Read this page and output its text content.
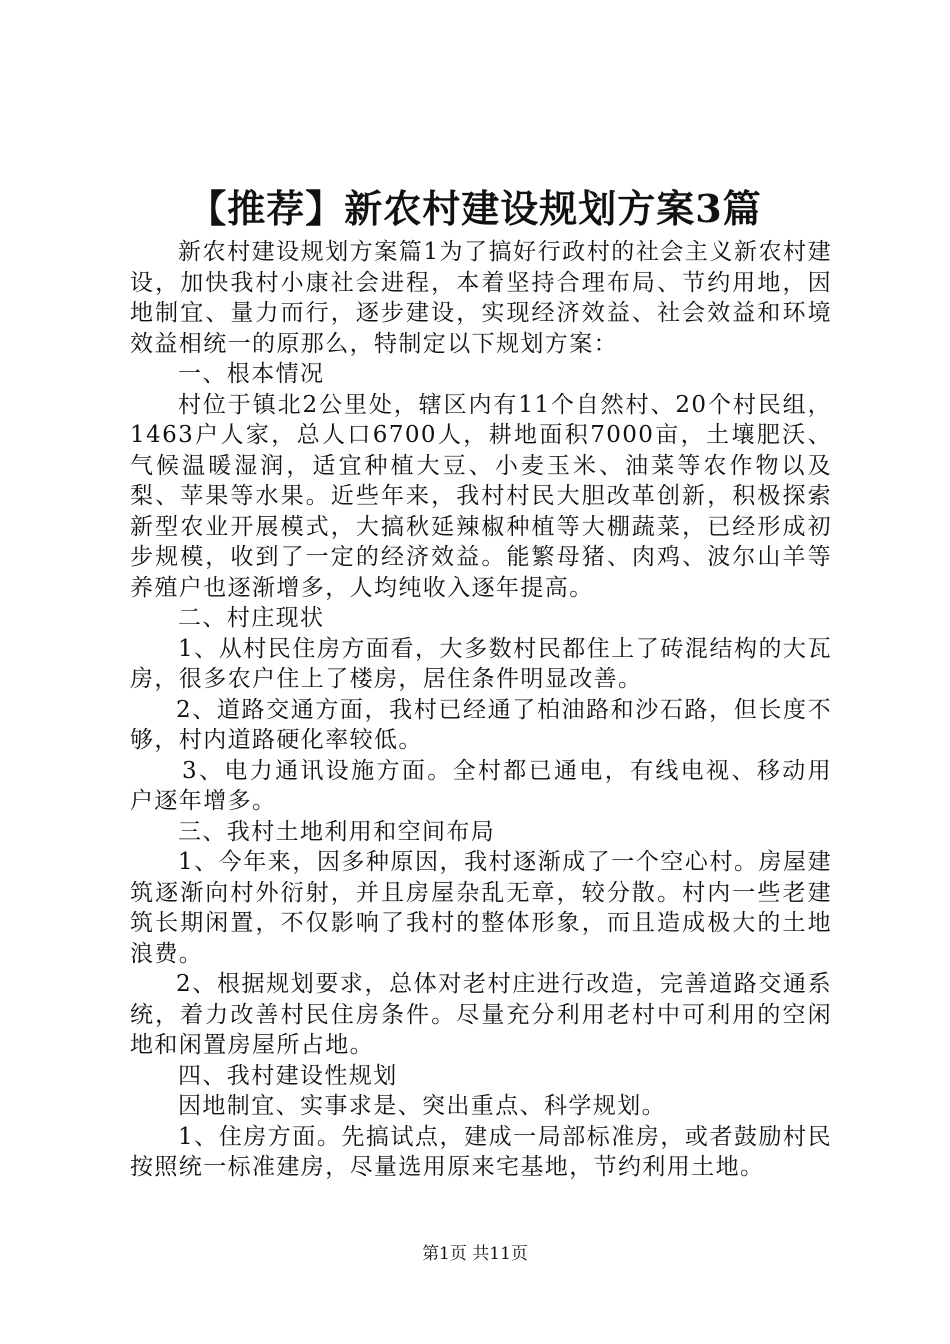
【推荐】新农村建设规划方案3篇

新农村建设规划方案篇1为了搞好行政村的社会主义新农村建设，加快我村小康社会进程，本着坚持合理布局、节约用地，因地制宜、量力而行，逐步建设，实现经济效益、社会效益和环境效益相统一的原那么，特制定以下规划方案：

一、根本情况

村位于镇北2公里处，辖区内有11个自然村、20个村民组，1463户人家，总人口6700人，耕地面积7000亩，土壤肥沃、气候温暖湿润，适宜种植大豆、小麦玉米、油菜等农作物以及梨、苹果等水果。近些年来，我村村民大胆改革创新，积极探索新型农业开展模式，大搞秋延辣椒种植等大棚蔬菜，已经形成初步规模，收到了一定的经济效益。能繁母猪、肉鸡、波尔山羊等养殖户也逐渐增多，人均纯收入逐年提高。

二、村庄现状

1、从村民住房方面看，大多数村民都住上了砖混结构的大瓦房，很多农户住上了楼房，居住条件明显改善。

2、道路交通方面，我村已经通了柏油路和沙石路，但长度不够，村内道路硬化率较低。

3、电力通讯设施方面。全村都已通电，有线电视、移动用户逐年增多。

三、我村土地利用和空间布局

1、今年来，因多种原因，我村逐渐成了一个空心村。房屋建筑逐渐向村外衍射，并且房屋杂乱无章，较分散。村内一些老建筑长期闲置，不仅影响了我村的整体形象，而且造成极大的土地浪费。

2、根据规划要求，总体对老村庄进行改造，完善道路交通系统，着力改善村民住房条件。尽量充分利用老村中可利用的空闲地和闲置房屋所占地。

四、我村建设性规划

因地制宜、实事求是、突出重点、科学规划。

1、住房方面。先搞试点，建成一局部标准房，或者鼓励村民按照统一标准建房，尽量选用原来宅基地，节约利用土地。

第1页 共11页
